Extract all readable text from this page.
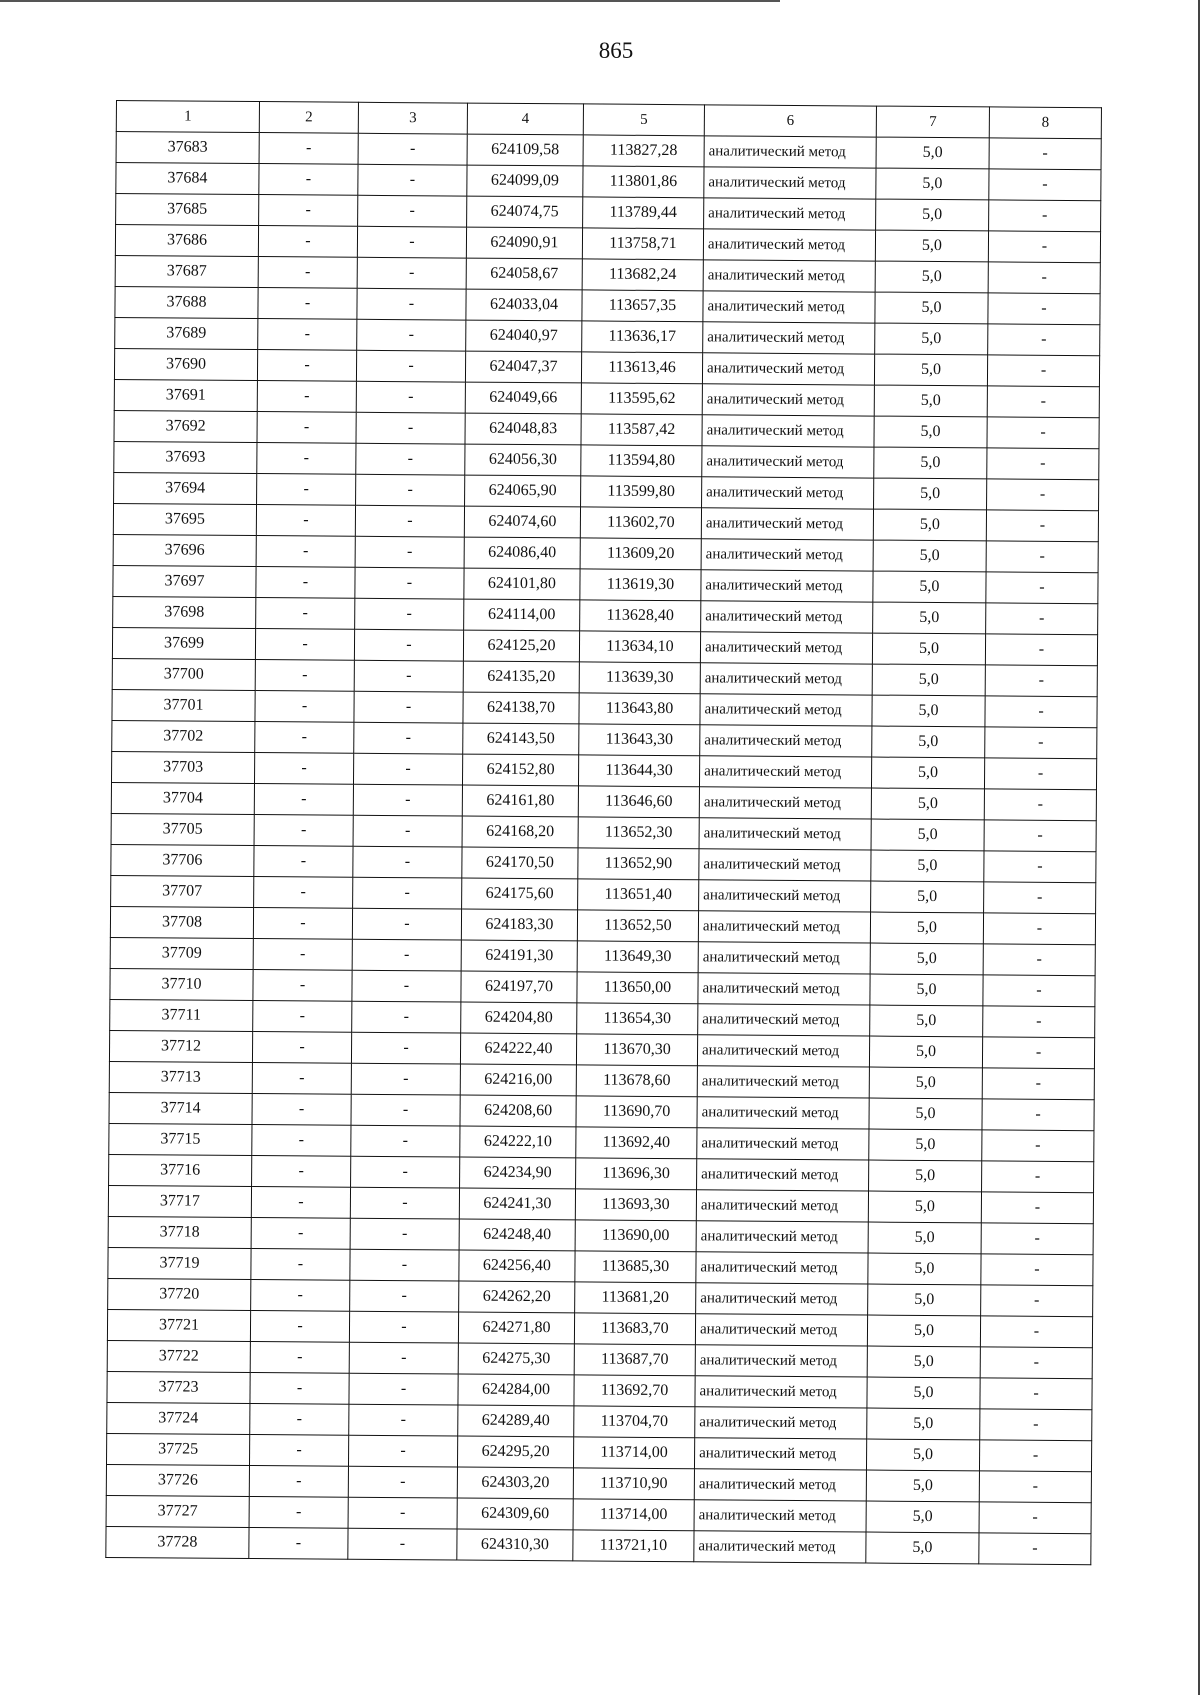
865
1	2	3	4	5	6	7	8
37683	-	-	624109,58	113827,28	аналитический метод	5,0	-
37684	-	-	624099,09	113801,86	аналитический метод	5,0	-
37685	-	-	624074,75	113789,44	аналитический метод	5,0	-
37686	-	-	624090,91	113758,71	аналитический метод	5,0	-
37687	-	-	624058,67	113682,24	аналитический метод	5,0	-
37688	-	-	624033,04	113657,35	аналитический метод	5,0	-
37689	-	-	624040,97	113636,17	аналитический метод	5,0	-
37690	-	-	624047,37	113613,46	аналитический метод	5,0	-
37691	-	-	624049,66	113595,62	аналитический метод	5,0	-
37692	-	-	624048,83	113587,42	аналитический метод	5,0	-
37693	-	-	624056,30	113594,80	аналитический метод	5,0	-
37694	-	-	624065,90	113599,80	аналитический метод	5,0	-
37695	-	-	624074,60	113602,70	аналитический метод	5,0	-
37696	-	-	624086,40	113609,20	аналитический метод	5,0	-
37697	-	-	624101,80	113619,30	аналитический метод	5,0	-
37698	-	-	624114,00	113628,40	аналитический метод	5,0	-
37699	-	-	624125,20	113634,10	аналитический метод	5,0	-
37700	-	-	624135,20	113639,30	аналитический метод	5,0	-
37701	-	-	624138,70	113643,80	аналитический метод	5,0	-
37702	-	-	624143,50	113643,30	аналитический метод	5,0	-
37703	-	-	624152,80	113644,30	аналитический метод	5,0	-
37704	-	-	624161,80	113646,60	аналитический метод	5,0	-
37705	-	-	624168,20	113652,30	аналитический метод	5,0	-
37706	-	-	624170,50	113652,90	аналитический метод	5,0	-
37707	-	-	624175,60	113651,40	аналитический метод	5,0	-
37708	-	-	624183,30	113652,50	аналитический метод	5,0	-
37709	-	-	624191,30	113649,30	аналитический метод	5,0	-
37710	-	-	624197,70	113650,00	аналитический метод	5,0	-
37711	-	-	624204,80	113654,30	аналитический метод	5,0	-
37712	-	-	624222,40	113670,30	аналитический метод	5,0	-
37713	-	-	624216,00	113678,60	аналитический метод	5,0	-
37714	-	-	624208,60	113690,70	аналитический метод	5,0	-
37715	-	-	624222,10	113692,40	аналитический метод	5,0	-
37716	-	-	624234,90	113696,30	аналитический метод	5,0	-
37717	-	-	624241,30	113693,30	аналитический метод	5,0	-
37718	-	-	624248,40	113690,00	аналитический метод	5,0	-
37719	-	-	624256,40	113685,30	аналитический метод	5,0	-
37720	-	-	624262,20	113681,20	аналитический метод	5,0	-
37721	-	-	624271,80	113683,70	аналитический метод	5,0	-
37722	-	-	624275,30	113687,70	аналитический метод	5,0	-
37723	-	-	624284,00	113692,70	аналитический метод	5,0	-
37724	-	-	624289,40	113704,70	аналитический метод	5,0	-
37725	-	-	624295,20	113714,00	аналитический метод	5,0	-
37726	-	-	624303,20	113710,90	аналитический метод	5,0	-
37727	-	-	624309,60	113714,00	аналитический метод	5,0	-
37728	-	-	624310,30	113721,10	аналитический метод	5,0	-
